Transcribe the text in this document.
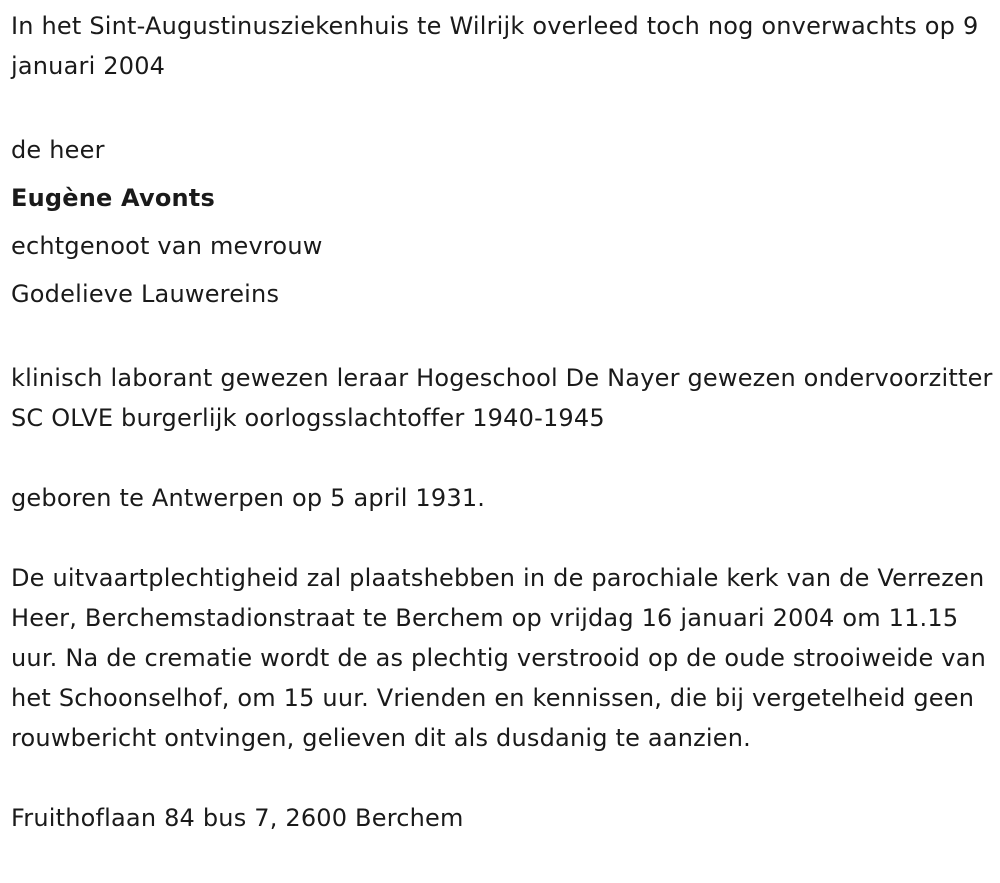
In het Sint-Augustinusziekenhuis te Wilrijk overleed toch nog onverwachts op 9 januari 2004

de heer

Eugène Avonts

echtgenoot van mevrouw

Godelieve Lauwereins

klinisch laborant gewezen leraar Hogeschool De Nayer gewezen ondervoorzitter SC OLVE burgerlijk oorlogsslachtoffer 1940-1945

geboren te Antwerpen op 5 april 1931.

De uitvaartplechtigheid zal plaatshebben in de parochiale kerk van de Verrezen Heer, Berchemstadionstraat te Berchem op vrijdag 16 januari 2004 om 11.15 uur. Na de crematie wordt de as plechtig verstrooid op de oude strooiweide van het Schoonselhof, om 15 uur. Vrienden en kennissen, die bij vergetelheid geen rouwbericht ontvingen, gelieven dit als dusdanig te aanzien.

Fruithoflaan 84 bus 7, 2600 Berchem
